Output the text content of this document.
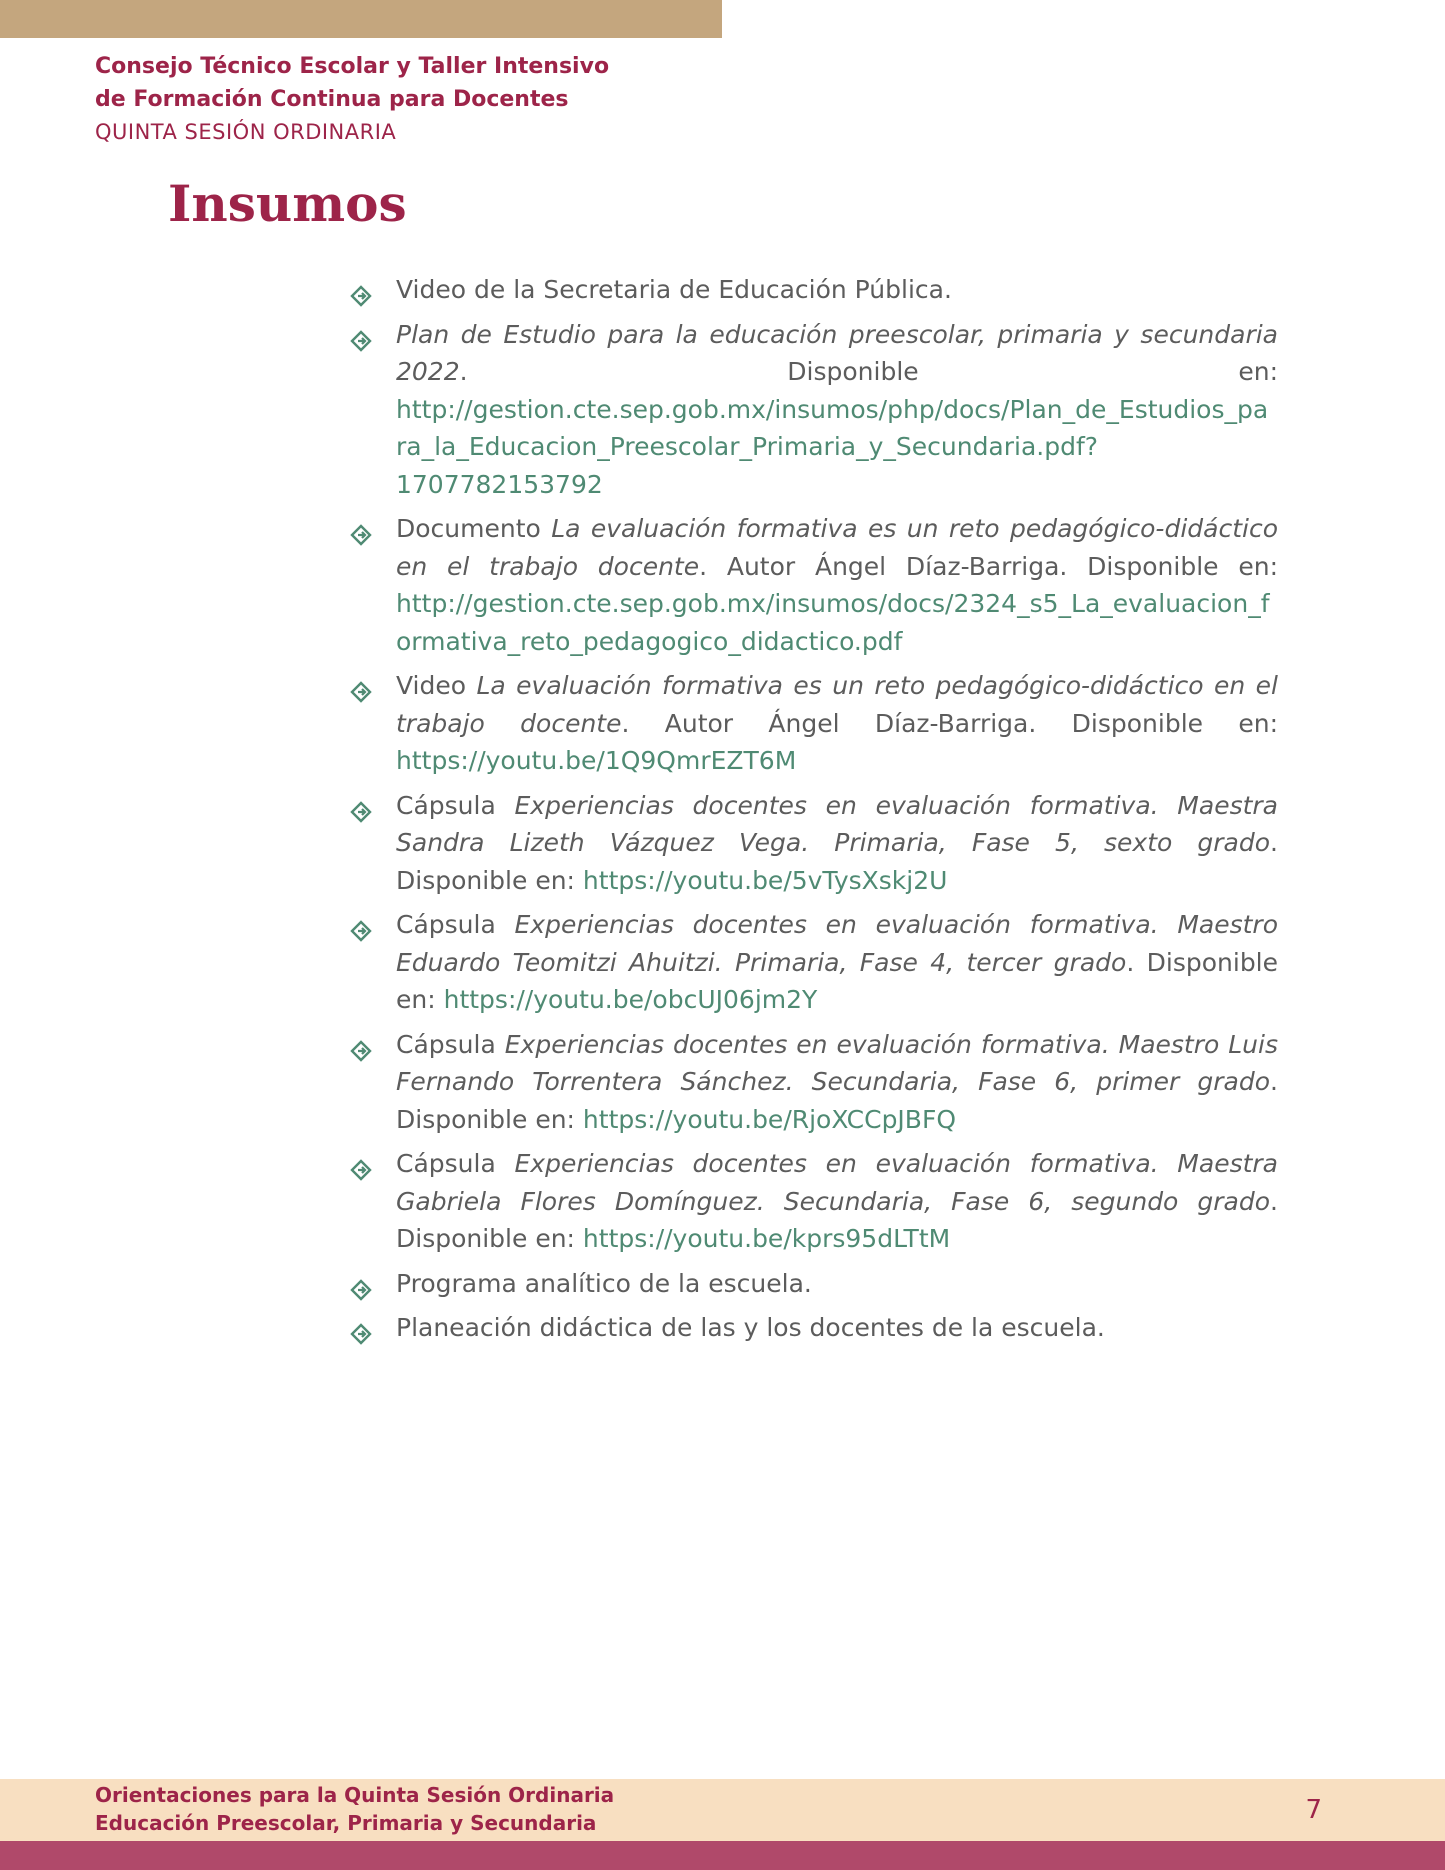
Consejo Técnico Escolar y Taller Intensivo
de Formación Continua para Docentes
QUINTA SESIÓN ORDINARIA
Insumos
Video de la Secretaria de Educación Pública.
Plan de Estudio para la educación preescolar, primaria y secundaria 2022. Disponible en: http://gestion.cte.sep.gob.mx/insumos/php/docs/Plan_de_Estudios_para_la_Educacion_Preescolar_Primaria_y_Secundaria.pdf?1707782153792
Documento La evaluación formativa es un reto pedagógico-didáctico en el trabajo docente. Autor Ángel Díaz-Barriga. Disponible en: http://gestion.cte.sep.gob.mx/insumos/docs/2324_s5_La_evaluacion_formativa_reto_pedagogico_didactico.pdf
Video La evaluación formativa es un reto pedagógico-didáctico en el trabajo docente. Autor Ángel Díaz-Barriga. Disponible en: https://youtu.be/1Q9QmrEZT6M
Cápsula Experiencias docentes en evaluación formativa. Maestra Sandra Lizeth Vázquez Vega. Primaria, Fase 5, sexto grado. Disponible en: https://youtu.be/5vTysXskj2U
Cápsula Experiencias docentes en evaluación formativa. Maestro Eduardo Teomitzi Ahuitzi. Primaria, Fase 4, tercer grado. Disponible en: https://youtu.be/obcUJ06jm2Y
Cápsula Experiencias docentes en evaluación formativa. Maestro Luis Fernando Torrentera Sánchez. Secundaria, Fase 6, primer grado. Disponible en: https://youtu.be/RjoXCCpJBFQ
Cápsula Experiencias docentes en evaluación formativa. Maestra Gabriela Flores Domínguez. Secundaria, Fase 6, segundo grado. Disponible en: https://youtu.be/kprs95dLTtM
Programa analítico de la escuela.
Planeación didáctica de las y los docentes de la escuela.
Orientaciones para la Quinta Sesión Ordinaria
Educación Preescolar, Primaria y Secundaria	7
